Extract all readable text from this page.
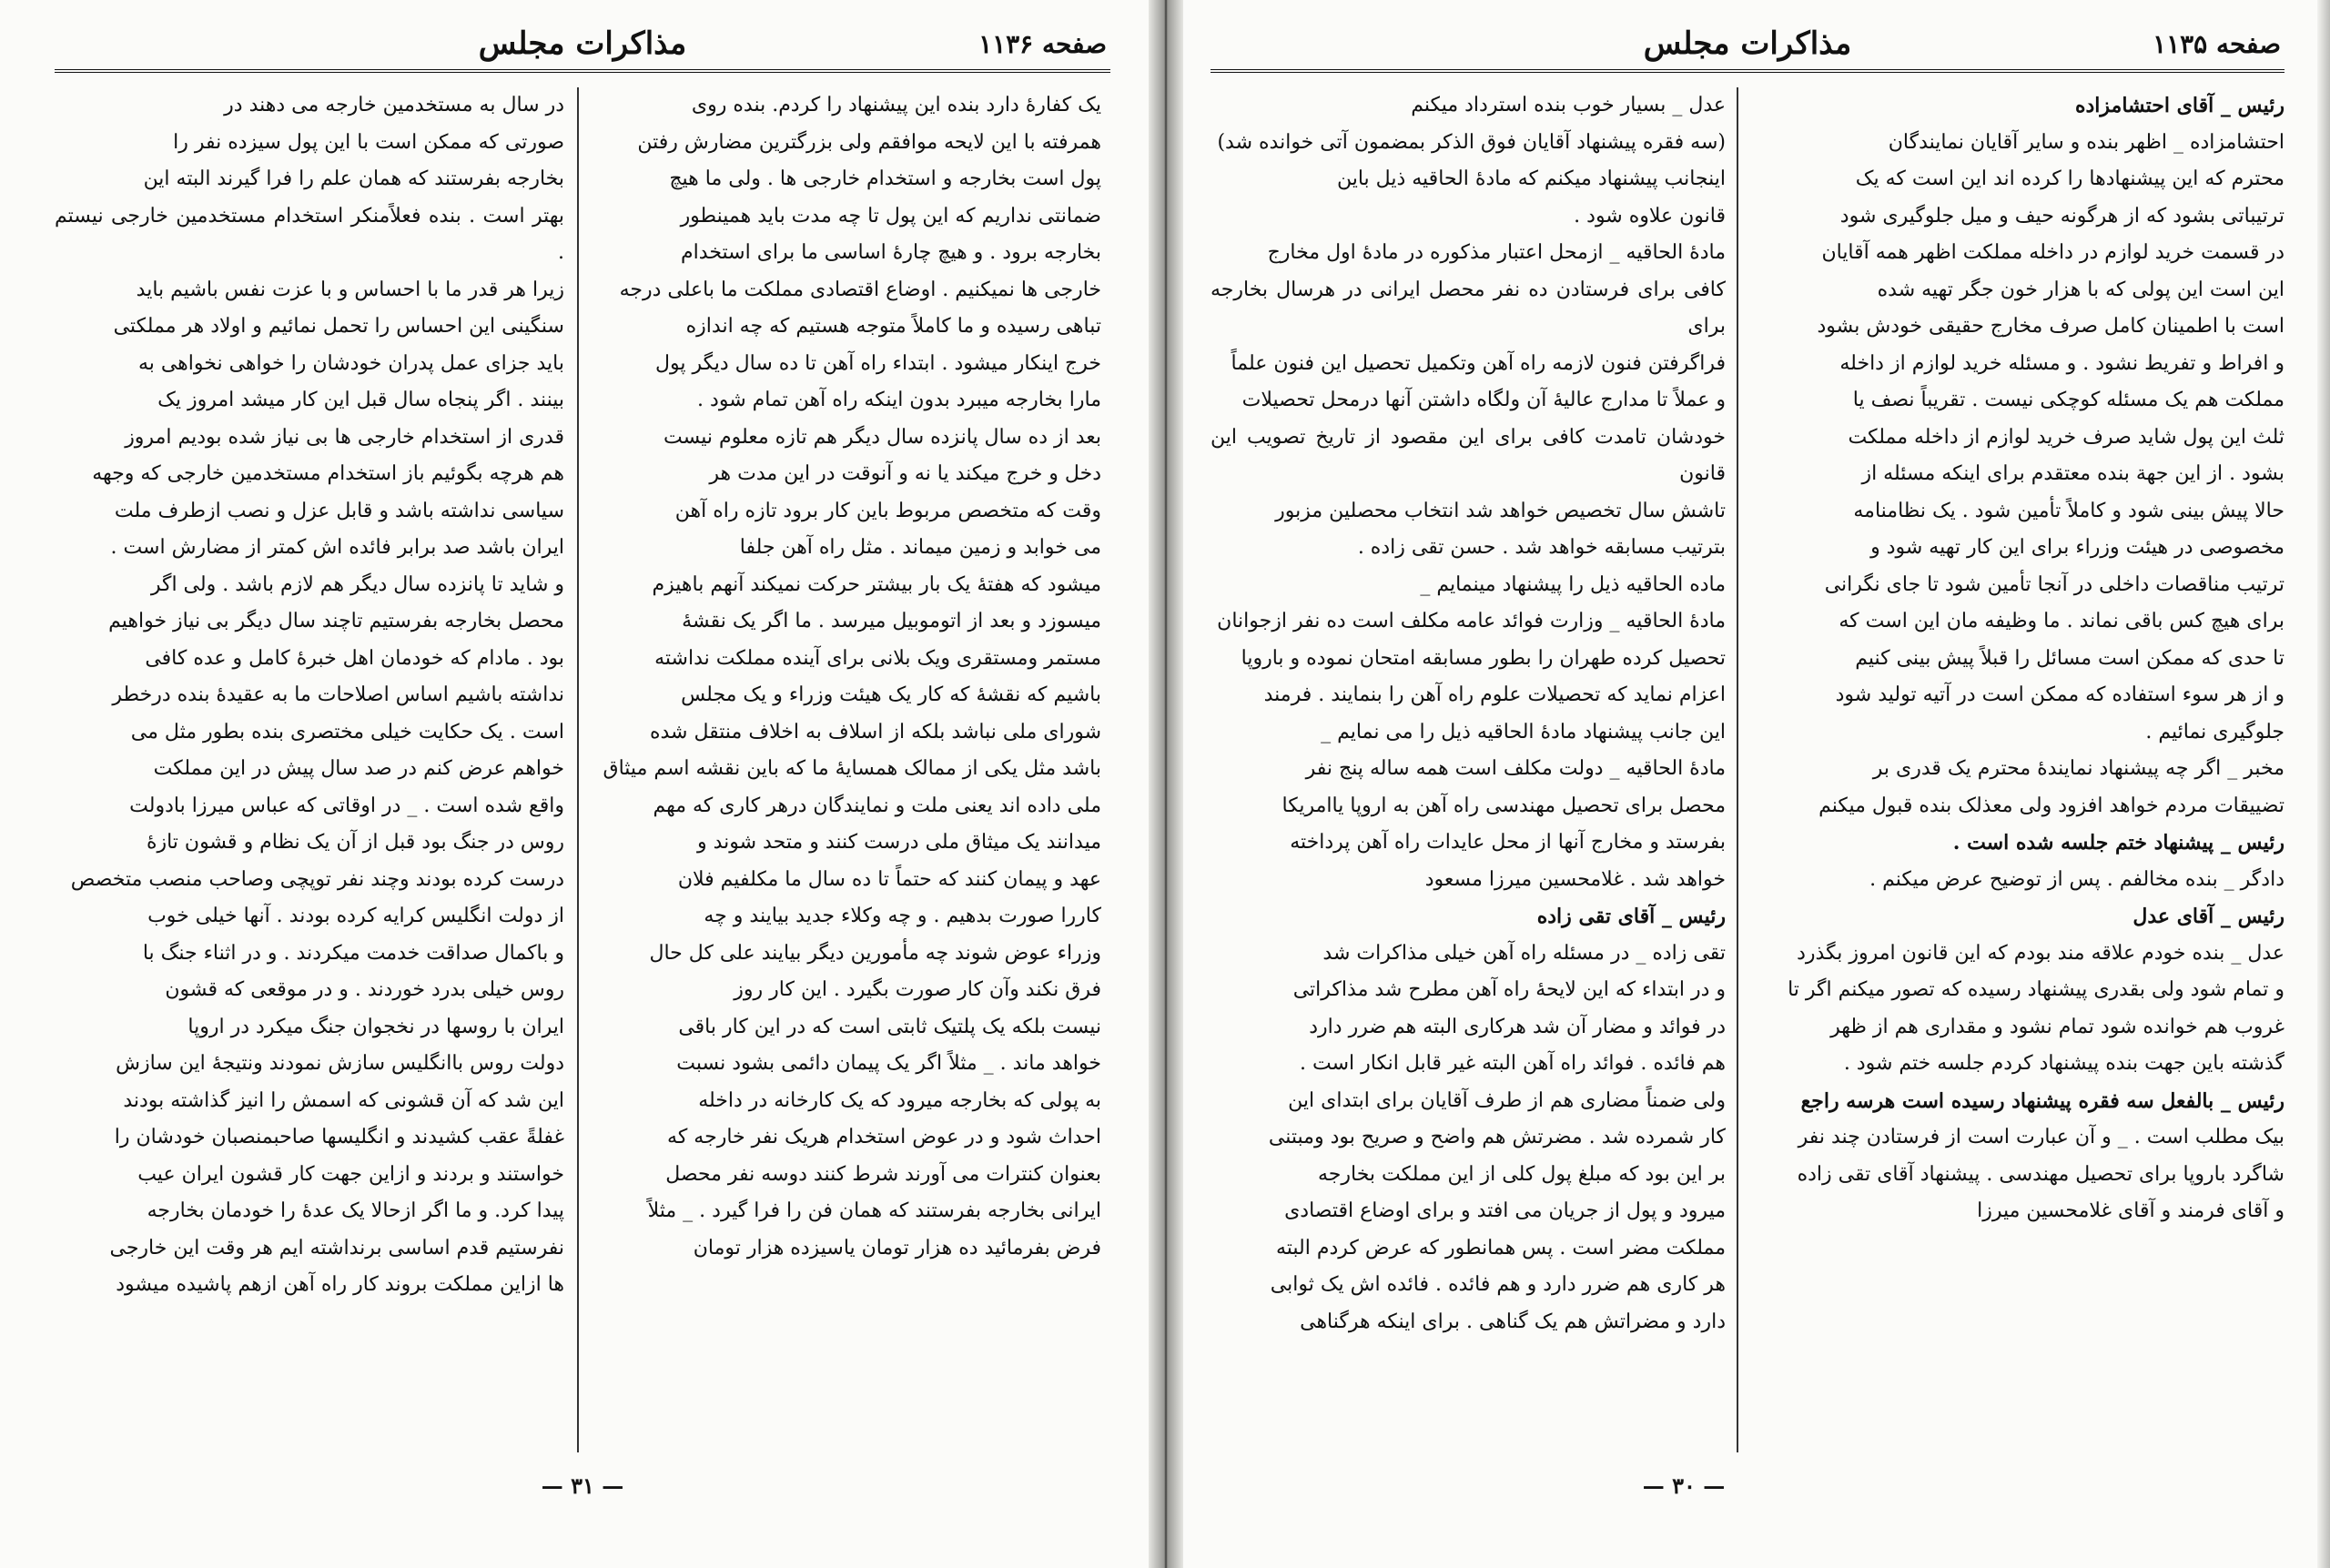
مذاکرات مجلس	صفحه ۱۱۳۶

در سال به مستخدمین خارجه می دهند در

صورتی که ممکن است با این پول سیزده نفر را

بخارجه بفرستند که همان علم را فرا گیرند البته این

بهتر است . بنده فعلاًمنکر استخدام مستخدمین خارجی نیستم .

زیرا هر قدر ما با احساس و با عزت نفس باشیم باید

سنگینی این احساس را تحمل نمائیم و اولاد هر مملکتی

باید جزای عمل پدران خودشان را خواهی نخواهی به

بینند . اگر پنجاه سال قبل این کار میشد امروز یک

قدری از استخدام خارجی ها بی نیاز شده بودیم امروز

هم هرچه بگوئیم باز استخدام مستخدمین خارجی که وجهه

سیاسی نداشته باشد و قابل عزل و نصب ازطرف ملت

ایران باشد صد برابر فائده اش کمتر از مضارش است .

و شاید تا پانزده سال دیگر هم لازم باشد . ولی اگر

محصل بخارجه بفرستیم تاچند سال دیگر بی نیاز خواهیم

بود . مادام که خودمان اهل خبرهٔ کامل و عده کافی

نداشته باشیم اساس اصلاحات ما به عقیدهٔ بنده درخطر

است . یک حکایت خیلی مختصری بنده بطور مثل می

خواهم عرض کنم در صد سال پیش در این مملکت

واقع شده است . _ در اوقاتی که عباس میرزا بادولت

روس در جنگ بود قبل از آن یک نظام و قشون تازهٔ

درست کرده بودند وچند نفر توپچی وصاحب منصب متخصص

از دولت انگلیس کرایه کرده بودند . آنها خیلی خوب

و باکمال صداقت خدمت میکردند . و در اثناء جنگ با

روس خیلی بدرد خوردند . و در موقعی که قشون

ایران با روسها در نخجوان جنگ میکرد در اروپا

دولت روس باانگلیس سازش نمودند ونتیجهٔ این سازش

این شد که آن قشونی که اسمش را انیز گذاشته بودند

غفلةً عقب کشیدند و انگلیسها صاحبمنصبان خودشان را

خواستند و بردند و ازاین جهت کار قشون ایران عیب

پیدا کرد. و ما اگر ازحالا یک عدهٔ را خودمان بخارجه

نفرستیم قدم اساسی برنداشته ایم هر وقت این خارجی

ها ازاین مملکت بروند کار راه آهن ازهم پاشیده میشود

یک کفارهٔ دارد بنده این پیشنهاد را کردم. بنده روی

همرفته با این لایحه موافقم ولی بزرگترین مضارش رفتن

پول است بخارجه و استخدام خارجی ها . ولی ما هیچ

ضمانتی نداریم که این پول تا چه مدت باید همینطور

بخارجه برود . و هیچ چارهٔ اساسی ما برای استخدام

خارجی ها نمیکنیم . اوضاع اقتصادی مملکت ما باعلی درجه

تباهی رسیده و ما کاملاً متوجه هستیم که چه اندازه

خرج اینکار میشود . ابتداء راه آهن تا ده سال دیگر پول

مارا بخارجه میبرد بدون اینکه راه آهن تمام شود .

بعد از ده سال پانزده سال دیگر هم تازه معلوم نیست

دخل و خرج میکند یا نه و آنوقت در این مدت هر

وقت که متخصص مربوط باین کار برود تازه راه آهن

می خوابد و زمین میماند . مثل راه آهن جلفا

میشود که هفتهٔ یک بار بیشتر حرکت نمیکند آنهم باهیزم

میسوزد و بعد از اتوموبیل میرسد . ما اگر یک نقشهٔ

مستمر ومستقری ویک بلانی برای آینده مملکت نداشته

باشیم که نقشهٔ که کار یک هیئت وزراء و یک مجلس

شورای ملی نباشد بلکه از اسلاف به اخلاف منتقل شده

باشد مثل یکی از ممالک همسایهٔ ما که باین نقشه اسم میثاق

ملی داده اند یعنی ملت و نمایندگان درهر کاری که مهم

میدانند یک میثاق ملی درست کنند و متحد شوند و

عهد و پیمان کنند که حتماً تا ده سال ما مکلفیم فلان

کاررا صورت بدهیم . و چه وکلاء جدید بیایند و چه

وزراء عوض شوند چه مأمورین دیگر بیایند علی کل حال

فرق نکند وآن کار صورت بگیرد . این کار روز

نیست بلکه یک پلتیک ثابتی است که در این کار باقی

خواهد ماند . _ مثلاً اگر یک پیمان دائمی بشود نسبت

به پولی که بخارجه میرود که یک کارخانه در داخله

احداث شود و در عوض استخدام هریک نفر خارجه که

بعنوان کنترات می آورند شرط کنند دوسه نفر محصل

ایرانی بخارجه بفرستند که همان فن را فرا گیرد . _ مثلاً

فرض بفرمائید ده هزار تومان یاسیزده هزار تومان

— ۳۱ —
مذاکرات مجلس	صفحه ۱۱۳۵

عدل _ بسیار خوب بنده استرداد میکنم

(سه فقره پیشنهاد آقایان فوق الذکر بمضمون آتی خوانده شد)

اینجانب پیشنهاد میکنم که مادهٔ الحاقیه ذیل باین

قانون علاوه شود .

مادهٔ الحاقیه _ ازمحل اعتبار مذکوره در مادهٔ اول مخارج

کافی برای فرستادن ده نفر محصل ایرانی در هرسال بخارجه برای

فراگرفتن فنون لازمه راه آهن وتکمیل تحصیل این فنون علماً

و عملاً تا مدارج عالیهٔ آن ولگاه داشتن آنها درمحل تحصیلات

خودشان تامدت کافی برای این مقصود از تاریخ تصویب این قانون

تاشش سال تخصیص خواهد شد انتخاب محصلین مزبور

بترتیب مسابقه خواهد شد . حسن تقی زاده .

ماده الحاقیه ذیل را پیشنهاد مینمایم _

مادهٔ الحاقیه _ وزارت فوائد عامه مکلف است ده نفر ازجوانان

تحصیل کرده طهران را بطور مسابقه امتحان نموده و باروپا

اعزام نماید که تحصیلات علوم راه آهن را بنمایند . فرمند

این جانب پیشنهاد مادهٔ الحاقیه ذیل را می نمایم _

مادهٔ الحاقیه _ دولت مکلف است همه ساله پنج نفر

محصل برای تحصیل مهندسی راه آهن به اروپا یاامریکا

بفرستد و مخارج آنها از محل عایدات راه آهن پرداخته

خواهد شد . غلامحسین میرزا مسعود

رئیس _ آقای تقی زاده

تقی زاده _ در مسئله راه آهن خیلی مذاکرات شد

و در ابتداء که این لایحهٔ راه آهن مطرح شد مذاکراتی

در فوائد و مضار آن شد هرکاری البته هم ضرر دارد

هم فائده . فوائد راه آهن البته غیر قابل انکار است .

ولی ضمناً مضاری هم از طرف آقایان برای ابتدای این

کار شمرده شد . مضرتش هم واضح و صریح بود ومبتنی

بر این بود که مبلغ پول کلی از این مملکت بخارجه

میرود و پول از جریان می افتد و برای اوضاع اقتصادی

مملکت مضر است . پس همانطور که عرض کردم البته

هر کاری هم ضرر دارد و هم فائده . فائده اش یک ثوابی

دارد و مضراتش هم یک گناهی . برای اینکه هرگناهی

رئیس _ آقای احتشامزاده

احتشامزاده _ اظهر بنده و سایر آقایان نمایندگان

محترم که این پیشنهادها را کرده اند این است که یک

ترتیباتی بشود که از هرگونه حیف و میل جلوگیری شود

در قسمت خرید لوازم در داخله مملکت اظهر همه آقایان

این است این پولی که با هزار خون جگر تهیه شده

است با اطمینان کامل صرف مخارج حقیقی خودش بشود

و افراط و تفریط نشود . و مسئله خرید لوازم از داخله

مملکت هم یک مسئله کوچکی نیست . تقریباً نصف یا

ثلث این پول شاید صرف خرید لوازم از داخله مملکت

بشود . از این جهة بنده معتقدم برای اینکه مسئله از

حالا پیش بینی شود و کاملاً تأمین شود . یک نظامنامه

مخصوصی در هیئت وزراء برای این کار تهیه شود و

ترتیب مناقصات داخلی در آنجا تأمین شود تا جای نگرانی

برای هیچ کس باقی نماند . ما وظیفه مان این است که

تا حدی که ممکن است مسائل را قبلاً پیش بینی کنیم

و از هر سوء استفاده که ممکن است در آتیه تولید شود

جلوگیری نمائیم .

مخبر _ اگر چه پیشنهاد نمایندهٔ محترم یک قدری بر

تضییقات مردم خواهد افزود ولی معذلک بنده قبول میکنم

رئیس _ پیشنهاد ختم جلسه شده است .

دادگر _ بنده مخالفم . پس از توضیح عرض میکنم .

رئیس _ آقای عدل

عدل _ بنده خودم علاقه مند بودم که این قانون امروز بگذرد

و تمام شود ولی بقدری پیشنهاد رسیده که تصور میکنم اگر تا

غروب هم خوانده شود تمام نشود و مقداری هم از ظهر

گذشته باین جهت بنده پیشنهاد کردم جلسه ختم شود .

رئیس _ بالفعل سه فقره پیشنهاد رسیده است هرسه راجع

بیک مطلب است . _ و آن عبارت است از فرستادن چند نفر

شاگرد باروپا برای تحصیل مهندسی . پیشنهاد آقای تقی زاده

و آقای فرمند و آقای غلامحسین میرزا

— ۳۰ —
